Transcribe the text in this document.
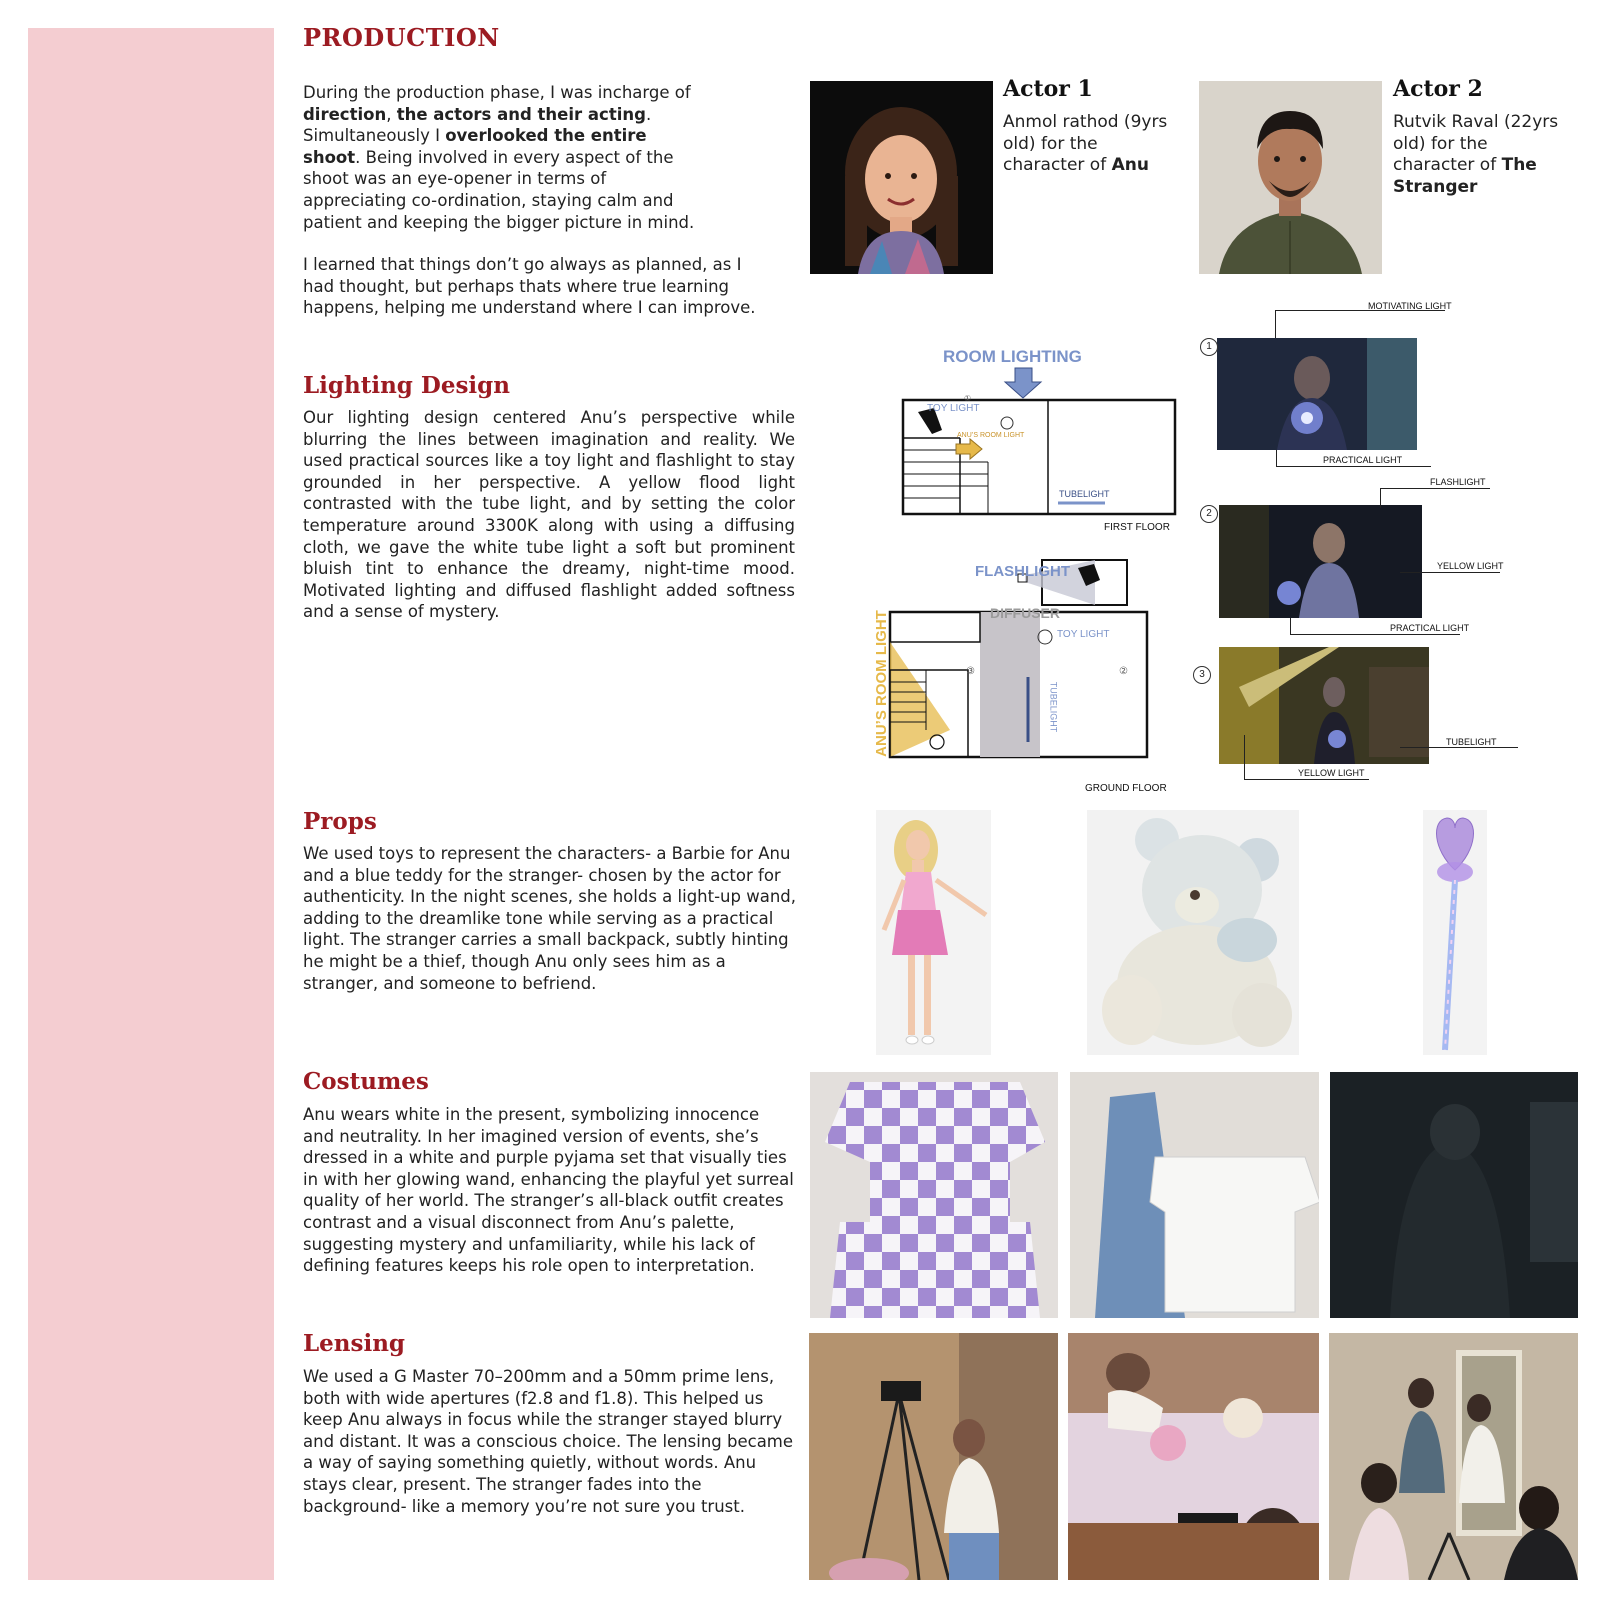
PRODUCTION

During the production phase, I was incharge of direction, the actors and their acting. Simultaneously I overlooked the entire shoot. Being involved in every aspect of the shoot was an eye-opener in terms of appreciating co-ordination, staying calm and patient and keeping the bigger picture in mind.

I learned that things don’t go always as planned, as I had thought, but perhaps thats where true learning happens, helping me understand where I can improve.

Actor 1
Anmol rathod (9yrs old) for the character of Anu
Actor 2
Rutvik Raval (22yrs old) for the character of The Stranger
Lighting Design
Our lighting design centered Anu’s perspective while blurring the lines between imagination and reality. We used practical sources like a toy light and flashlight to stay grounded in her perspective. A yellow flood light contrasted with the tube light, and by setting the color temperature around 3300K along with using a diffusing cloth, we gave the white tube light a soft but prominent bluish tint to enhance the dreamy, night-time mood. Motivated lighting and diffused flashlight added softness and a sense of mystery.
ROOM LIGHTING
TOY LIGHT
ANU’S ROOM LIGHT
TUBELIGHT
FIRST FLOOR
FLASHLIGHT
DIFFUSER
TOY LIGHT
ANU’S ROOM LIGHT	TUBELIGHT
GROUND FLOOR
①
③	②
1
MOTIVATING LIGHT
PRACTICAL LIGHT
2
FLASHLIGHT
YELLOW LIGHT
PRACTICAL LIGHT
3
TUBELIGHT
YELLOW LIGHT
Props
We used toys to represent the characters- a Barbie for Anu and a blue teddy for the stranger- chosen by the actor for authenticity. In the night scenes, she holds a light-up wand, adding to the dreamlike tone while serving as a practical light. The stranger carries a small backpack, subtly hinting he might be a thief, though Anu only sees him as a stranger, and someone to befriend.
Costumes
Anu wears white in the present, symbolizing innocence and neutrality. In her imagined version of events, she’s dressed in a white and purple pyjama set that visually ties in with her glowing wand, enhancing the playful yet surreal quality of her world. The stranger’s all-black outfit creates contrast and a visual disconnect from Anu’s palette, suggesting mystery and unfamiliarity, while his lack of defining features keeps his role open to interpretation.
Lensing
We used a G Master 70–200mm and a 50mm prime lens, both with wide apertures (f2.8 and f1.8). This helped us keep Anu always in focus while the stranger stayed blurry and distant. It was a conscious choice. The lensing became a way of saying something quietly, without words. Anu stays clear, present. The stranger fades into the background- like a memory you’re not sure you trust.
